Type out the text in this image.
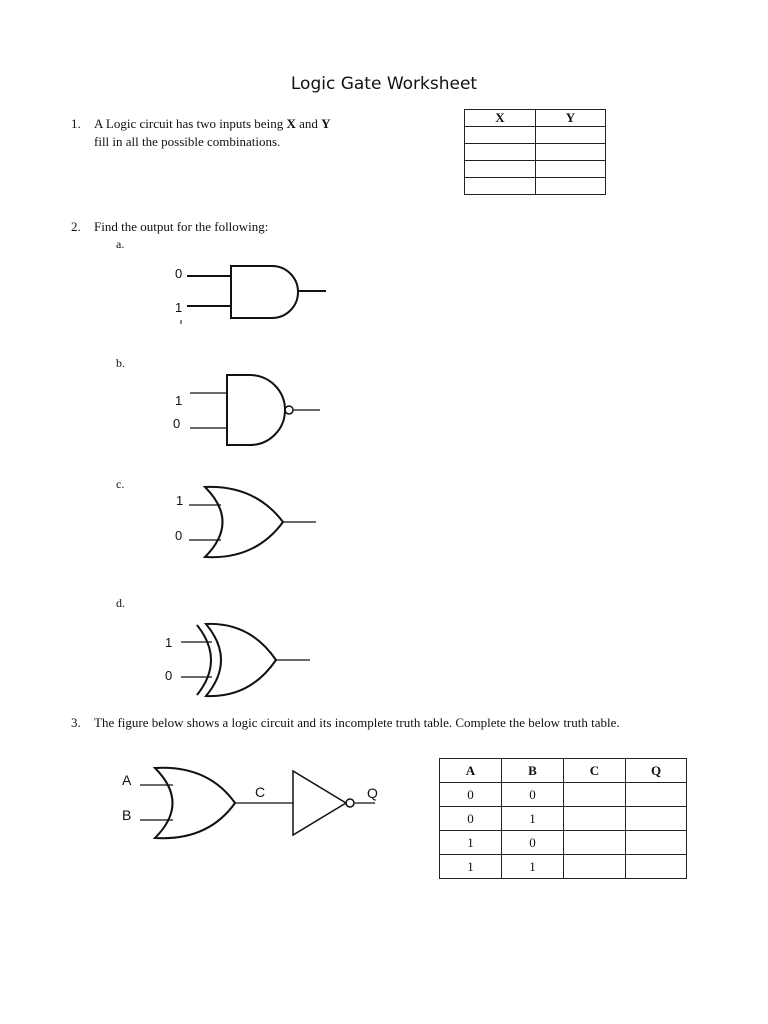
Logic Gate Worksheet
1. A Logic circuit has two inputs being X and Y
fill in all the possible combinations.
X	Y

2. Find the output for the following:
a.
0
1
b.
1
0
c.
1
0
d.
1
0
3. The figure below shows a logic circuit and its incomplete truth table. Complete the below truth table.
A
B
C	Q
A	B	C	Q
0	0		
0	1		
1	0		
1	1		
